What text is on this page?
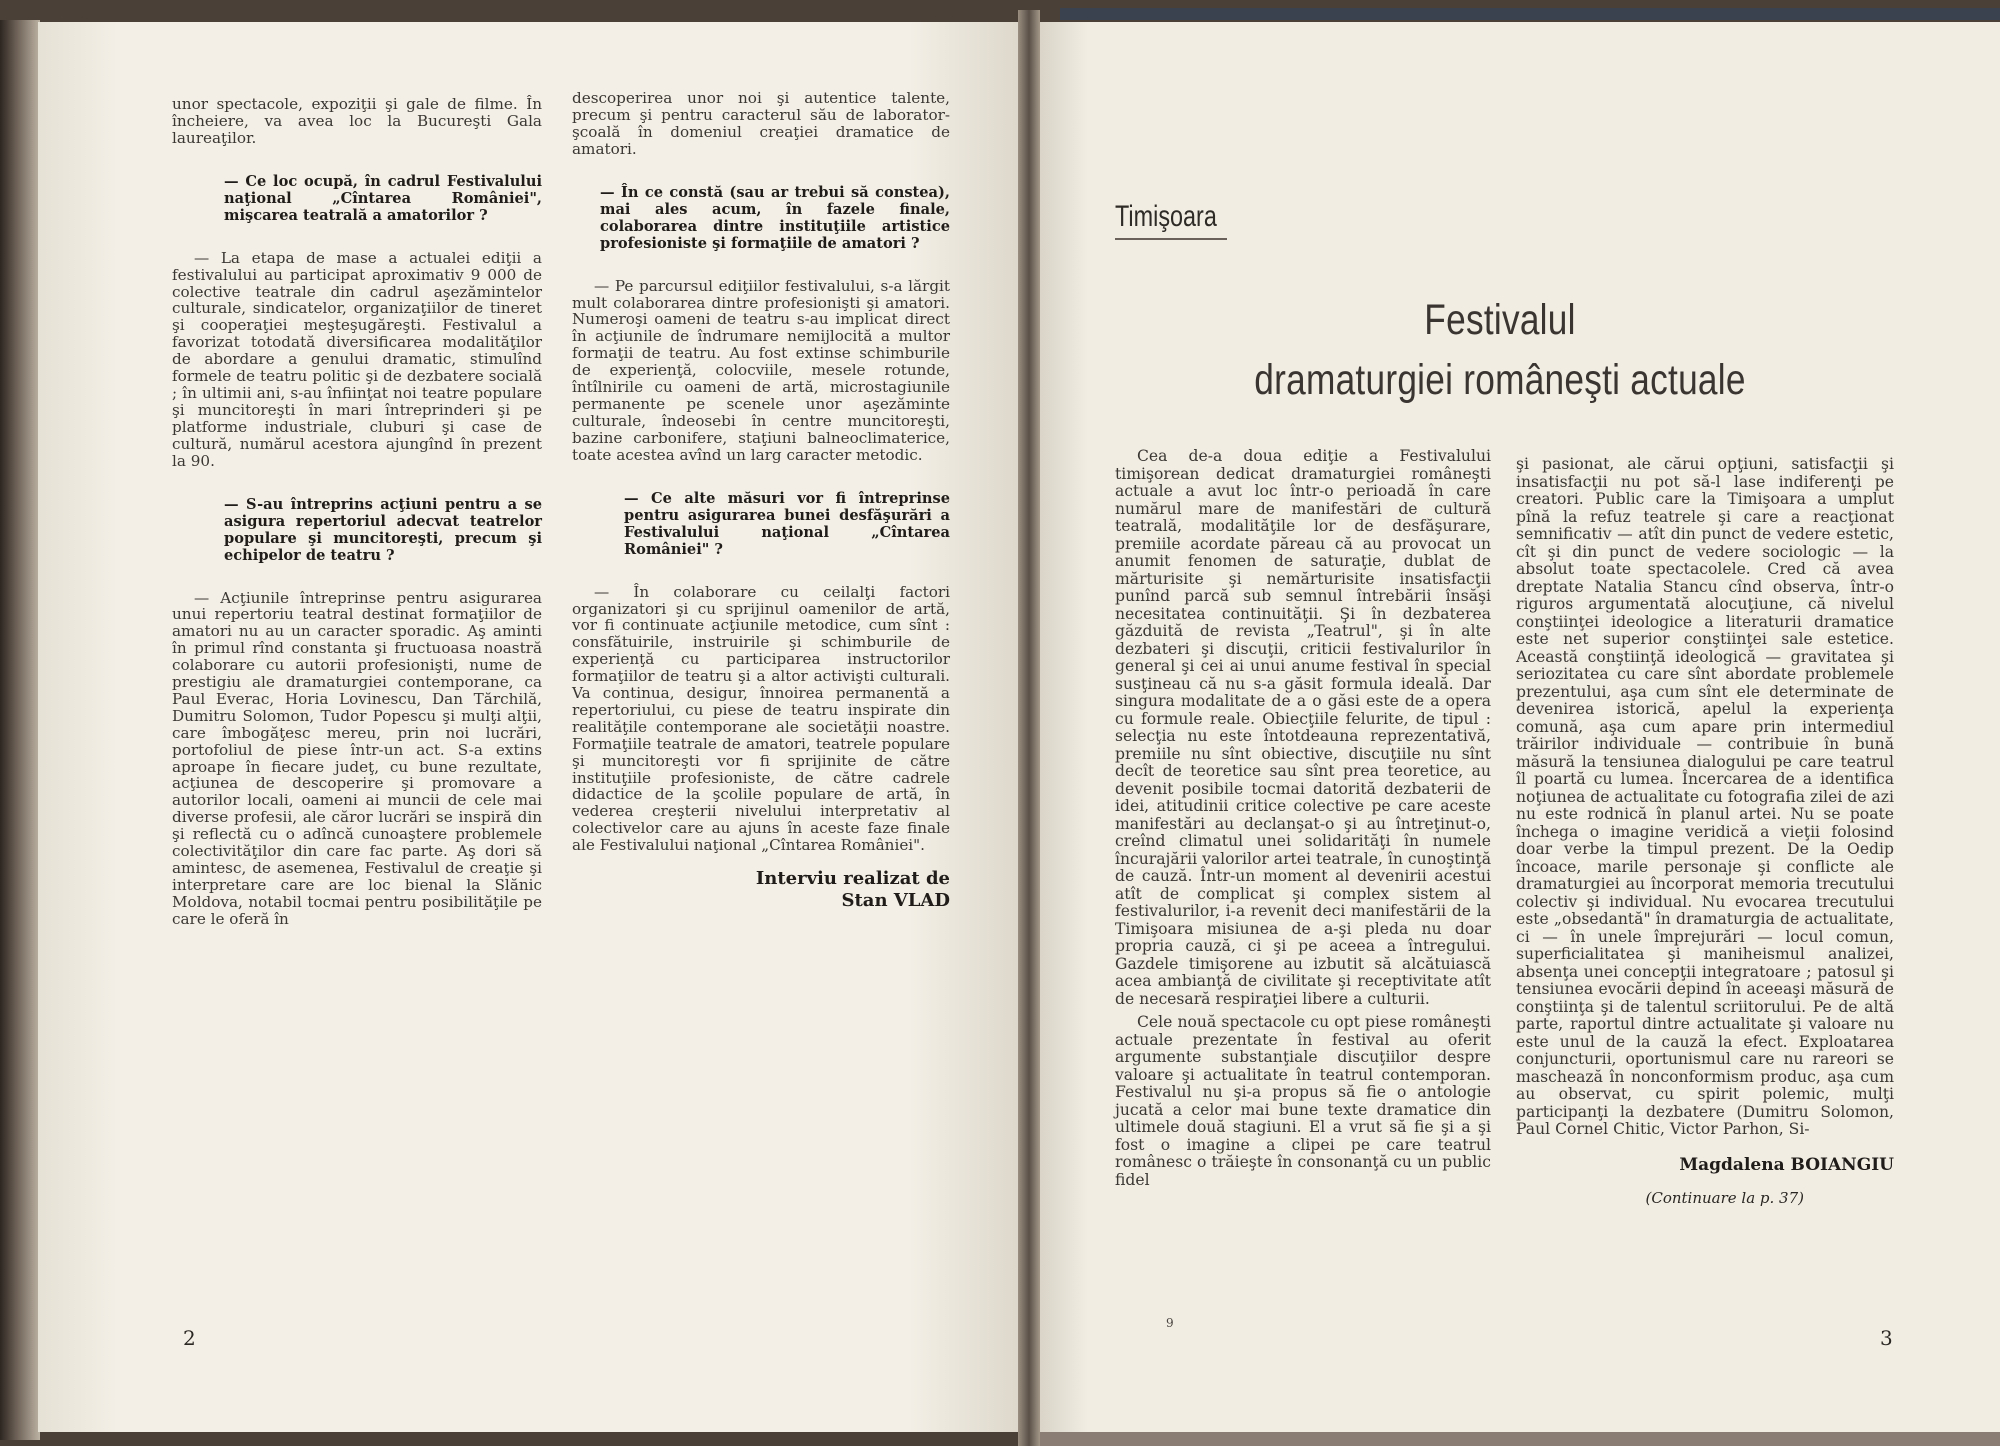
unor spectacole, expoziţii şi gale de filme. În încheiere, va avea loc la Bucureşti Gala laureaţilor.

— Ce loc ocupă, în cadrul Festivalului naţional „Cîntarea României", mişcarea teatrală a amatorilor ?

— La etapa de mase a actualei ediţii a festivalului au participat aproximativ 9 000 de colective teatrale din cadrul aşezămintelor culturale, sindicatelor, organizaţiilor de tineret şi cooperaţiei meşteşugăreşti. Festivalul a favorizat totodată diversificarea modalităţilor de abordare a genului dramatic, stimulînd formele de teatru politic şi de dezbatere socială ; în ultimii ani, s-au înfiinţat noi teatre populare şi muncitoreşti în mari întreprinderi şi pe platforme industriale, cluburi şi case de cultură, numărul acestora ajungînd în prezent la 90.

— S-au întreprins acţiuni pentru a se asigura repertoriul adecvat teatrelor populare şi muncitoreşti, precum şi echipelor de teatru ?

— Acţiunile întreprinse pentru asigurarea unui repertoriu teatral destinat formaţiilor de amatori nu au un caracter sporadic. Aş aminti în primul rînd constanta şi fructuoasa noastră colaborare cu autorii profesionişti, nume de prestigiu ale dramaturgiei contemporane, ca Paul Everac, Horia Lovinescu, Dan Tărchilă, Dumitru Solomon, Tudor Popescu şi mulţi alţii, care îmbogăţesc mereu, prin noi lucrări, portofoliul de piese într-un act. S-a extins aproape în fiecare judeţ, cu bune rezultate, acţiunea de descoperire şi promovare a autorilor locali, oameni ai muncii de cele mai diverse profesii, ale căror lucrări se inspiră din şi reflectă cu o adîncă cunoaştere problemele colectivităţilor din care fac parte. Aş dori să amintesc, de asemenea, Festivalul de creaţie şi interpretare care are loc bienal la Slănic Moldova, notabil tocmai pentru posibilităţile pe care le oferă în

descoperirea unor noi şi autentice talente, precum şi pentru caracterul său de laborator-şcoală în domeniul creaţiei dramatice de amatori.

— În ce constă (sau ar trebui să constea), mai ales acum, în fazele finale, colaborarea dintre instituţiile artistice profesioniste şi formaţiile de amatori ?

— Pe parcursul ediţiilor festivalului, s-a lărgit mult colaborarea dintre profesionişti şi amatori. Numeroşi oameni de teatru s-au implicat direct în acţiunile de îndrumare nemijlocită a multor formaţii de teatru. Au fost extinse schimburile de experienţă, colocviile, mesele rotunde, întîlnirile cu oameni de artă, microstagiunile permanente pe scenele unor aşezăminte culturale, îndeosebi în centre muncitoreşti, bazine carbonifere, staţiuni balneoclimaterice, toate acestea avînd un larg caracter metodic.

— Ce alte măsuri vor fi întreprinse pentru asigurarea bunei desfăşurări a Festivalului naţional „Cîntarea României" ?

— În colaborare cu ceilalţi factori organizatori şi cu sprijinul oamenilor de artă, vor fi continuate acţiunile metodice, cum sînt : consfătuirile, instruirile şi schimburile de experienţă cu participarea instructorilor formaţiilor de teatru şi a altor activişti culturali. Va continua, desigur, înnoirea permanentă a repertoriului, cu piese de teatru inspirate din realităţile contemporane ale societăţii noastre. Formaţiile teatrale de amatori, teatrele populare şi muncitoreşti vor fi sprijinite de către instituţiile profesioniste, de către cadrele didactice de la şcolile populare de artă, în vederea creşterii nivelului interpretativ al colectivelor care au ajuns în aceste faze finale ale Festivalului naţional „Cîntarea României".

Interviu realizat de
Stan VLAD
2
Timişoara
Festivalul
dramaturgiei româneşti actuale

Cea de-a doua ediţie a Festivalului timişorean dedicat dramaturgiei româneşti actuale a avut loc într-o perioadă în care numărul mare de manifestări de cultură teatrală, modalităţile lor de desfăşurare, premiile acordate păreau că au provocat un anumit fenomen de saturaţie, dublat de mărturisite şi nemărturisite insatisfacţii punînd parcă sub semnul întrebării însăşi necesitatea continuităţii. Şi în dezbaterea găzduită de revista „Teatrul", şi în alte dezbateri şi discuţii, criticii festivalurilor în general şi cei ai unui anume festival în special susţineau că nu s-a găsit formula ideală. Dar singura modalitate de a o găsi este de a opera cu formule reale. Obiecţiile felurite, de tipul : selecţia nu este întotdeauna reprezentativă, premiile nu sînt obiective, discuţiile nu sînt decît de teoretice sau sînt prea teoretice, au devenit posibile tocmai datorită dezbaterii de idei, atitudinii critice colective pe care aceste manifestări au declanşat-o şi au întreţinut-o, creînd climatul unei solidarităţi în numele încurajării valorilor artei teatrale, în cunoştinţă de cauză. Într-un moment al devenirii acestui atît de complicat şi complex sistem al festivalurilor, i-a revenit deci manifestării de la Timişoara misiunea de a-şi pleda nu doar propria cauză, ci şi pe aceea a întregului. Gazdele timişorene au izbutit să alcătuiască acea ambianţă de civilitate şi receptivitate atît de necesară respiraţiei libere a culturii.

Cele nouă spectacole cu opt piese româneşti actuale prezentate în festival au oferit argumente substanţiale discuţiilor despre valoare şi actualitate în teatrul contemporan. Festivalul nu şi-a propus să fie o antologie jucată a celor mai bune texte dramatice din ultimele două stagiuni. El a vrut să fie şi a şi fost o imagine a clipei pe care teatrul românesc o trăieşte în consonanţă cu un public fidel

şi pasionat, ale cărui opţiuni, satisfacţii şi insatisfacţii nu pot să-l lase indiferenţi pe creatori. Public care la Timişoara a umplut pînă la refuz teatrele şi care a reacţionat semnificativ — atît din punct de vedere estetic, cît şi din punct de vedere sociologic — la absolut toate spectacolele. Cred că avea dreptate Natalia Stancu cînd observa, într-o riguros argumentată alocuţiune, că nivelul conştiinţei ideologice a literaturii dramatice este net superior conştiinţei sale estetice. Această conştiinţă ideologică — gravitatea şi seriozitatea cu care sînt abordate problemele prezentului, aşa cum sînt ele determinate de devenirea istorică, apelul la experienţa comună, aşa cum apare prin intermediul trăirilor individuale — contribuie în bună măsură la tensiunea dialogului pe care teatrul îl poartă cu lumea. Încercarea de a identifica noţiunea de actualitate cu fotografia zilei de azi nu este rodnică în planul artei. Nu se poate închega o imagine veridică a vieţii folosind doar verbe la timpul prezent. De la Oedip încoace, marile personaje şi conflicte ale dramaturgiei au încorporat memoria trecutului colectiv şi individual. Nu evocarea trecutului este „obsedantă" în dramaturgia de actualitate, ci — în unele împrejurări — locul comun, superficialitatea şi maniheismul analizei, absenţa unei concepţii integratoare ; patosul şi tensiunea evocării depind în aceeaşi măsură de conştiinţa şi de talentul scriitorului. Pe de altă parte, raportul dintre actualitate şi valoare nu este unul de la cauză la efect. Exploatarea conjuncturii, oportunismul care nu rareori se maschează în nonconformism produc, aşa cum au observat, cu spirit polemic, mulţi participanţi la dezbatere (Dumitru Solomon, Paul Cornel Chitic, Victor Parhon, Si-

Magdalena BOIANGIU
(Continuare la p. 37)
9
3
